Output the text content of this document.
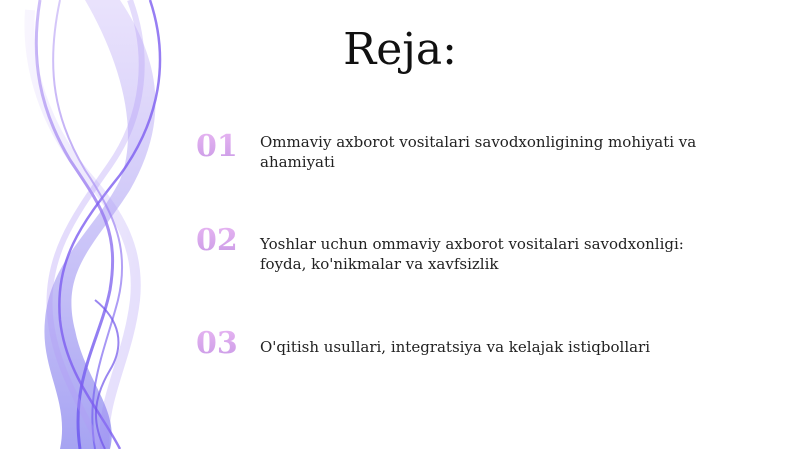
Reja:
01	Ommaviy axborot vositalari savodxonligining mohiyati va ahamiyati
02	Yoshlar uchun ommaviy axborot vositalari savodxonligi: foyda, ko'nikmalar va xavfsizlik
03	O'qitish usullari, integratsiya va kelajak istiqbollari
